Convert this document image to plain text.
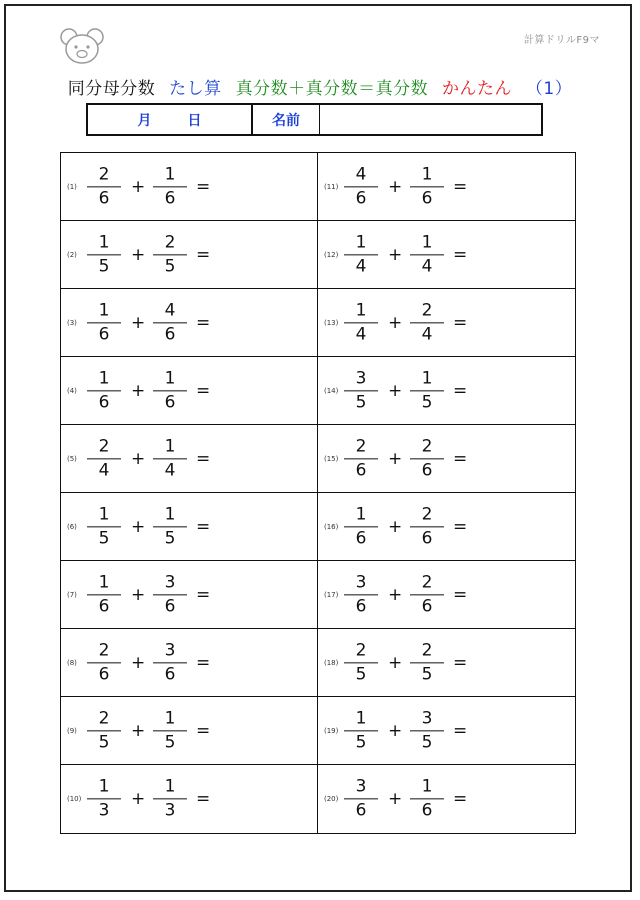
計算ドリルF9マ
同分母分数 たし算 真分数＋真分数＝真分数 かんたん （1）
月	日	名前
(1)
2
6
+
1
6
=	(11)
4
6
+
1
6
=
(2)
1
5
+
2
5
=	(12)
1
4
+
1
4
=
(3)
1
6
+
4
6
=	(13)
1
4
+
2
4
=
(4)
1
6
+
1
6
=	(14)
3
5
+
1
5
=
(5)
2
4
+
1
4
=	(15)
2
6
+
2
6
=
(6)
1
5
+
1
5
=	(16)
1
6
+
2
6
=
(7)
1
6
+
3
6
=	(17)
3
6
+
2
6
=
(8)
2
6
+
3
6
=	(18)
2
5
+
2
5
=
(9)
2
5
+
1
5
=	(19)
1
5
+
3
5
=
(10)
1
3
+
1
3
=	(20)
3
6
+
1
6
=
